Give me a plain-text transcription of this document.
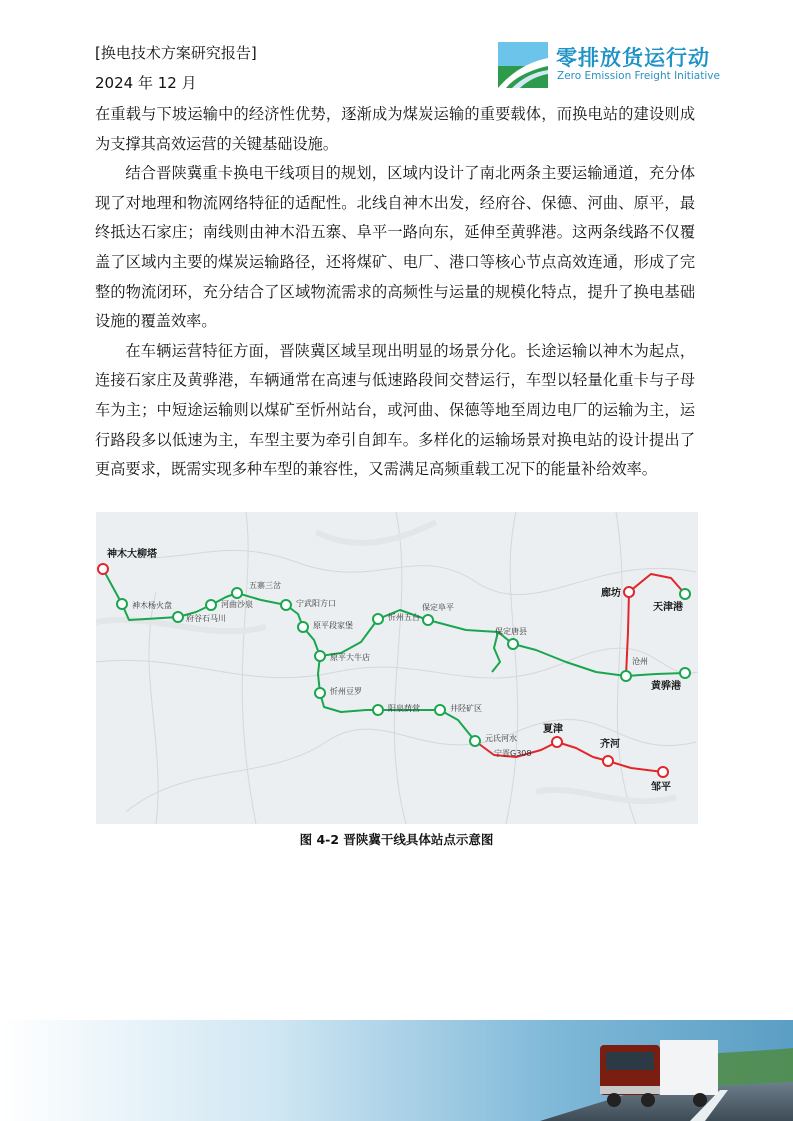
[换电技术方案研究报告]
2024 年 12 月
零排放货运行动
Zero Emission Freight Initiative

在重载与下坡运输中的经济性优势，逐渐成为煤炭运输的重要载体，而换电站的建设则成为支撑其高效运营的关键基础设施。

结合晋陕冀重卡换电干线项目的规划，区域内设计了南北两条主要运输通道，充分体现了对地理和物流网络特征的适配性。北线自神木出发，经府谷、保德、河曲、原平，最终抵达石家庄；南线则由神木沿五寨、阜平一路向东，延伸至黄骅港。这两条线路不仅覆盖了区域内主要的煤炭运输路径，还将煤矿、电厂、港口等核心节点高效连通，形成了完整的物流闭环，充分结合了区域物流需求的高频性与运量的规模化特点，提升了换电基础设施的覆盖效率。

在车辆运营特征方面，晋陕冀区域呈现出明显的场景分化。长途运输以神木为起点，连接石家庄及黄骅港，车辆通常在高速与低速路段间交替运行，车型以轻量化重卡与子母车为主；中短途运输则以煤矿至忻州站台，或河曲、保德等地至周边电厂的运输为主，运行路段多以低速为主，车型主要为牵引自卸车。多样化的运输场景对换电站的设计提出了更高要求，既需实现多种车型的兼容性，又需满足高频重载工况下的能量补给效率。

神木大柳塔
神木杨火盘
府谷石马川
河曲沙泉
五寨三岔
宁武阳方口
原平段家堡
原平大牛店
忻州五台
保定阜平
保定唐县
忻州豆罗
阳泉荫营	井陉矿区
元氏河水
宁晋G308
夏津
齐河
邹平
廊坊
天津港
沧州
黄骅港
图 4-2 晋陕冀干线具体站点示意图
